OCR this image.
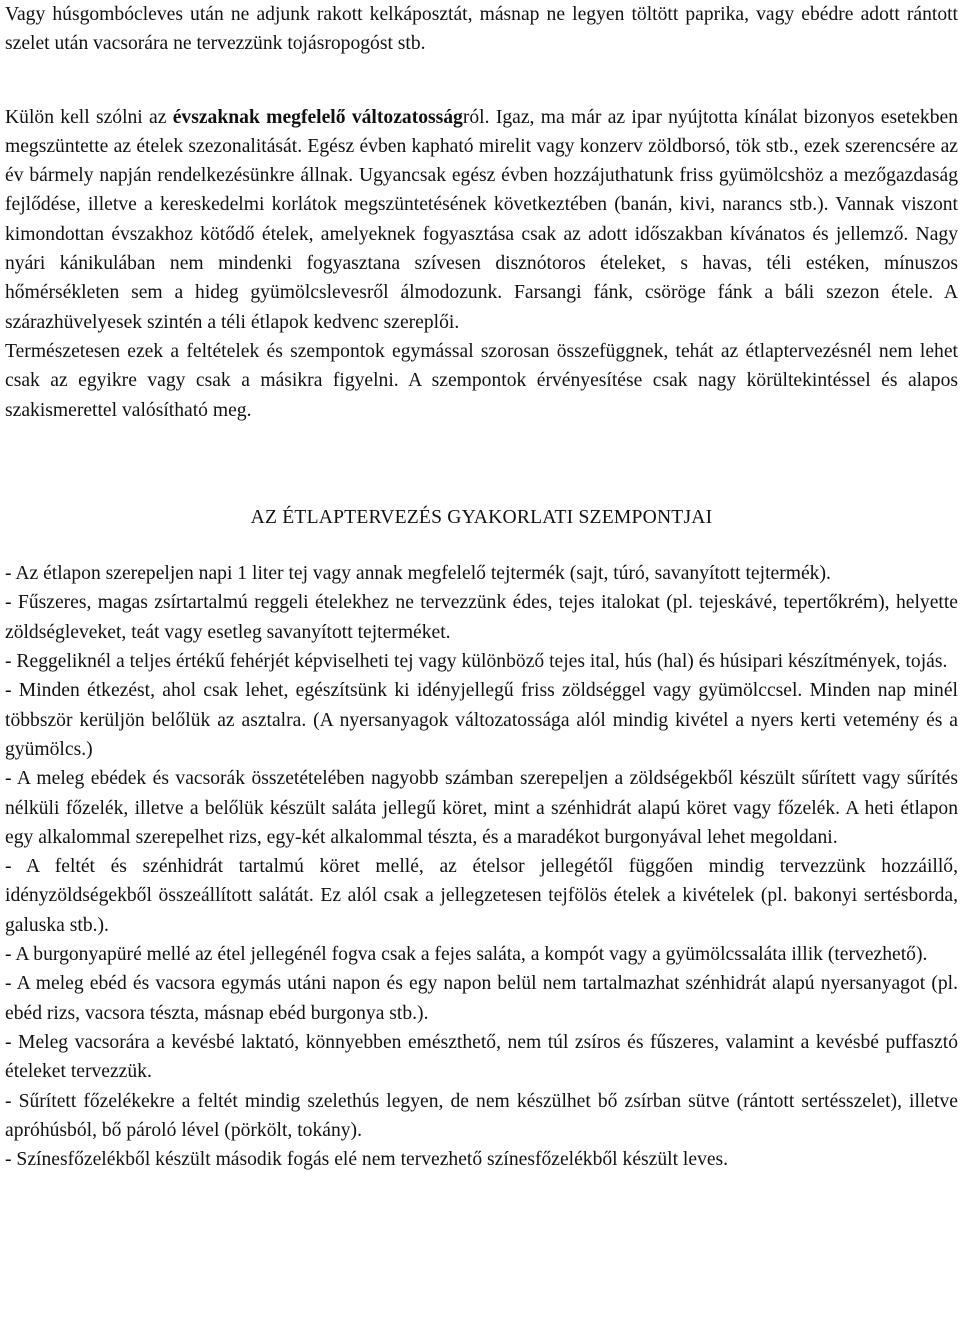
Vagy húsgombócleves után ne adjunk rakott kelkáposztát, másnap ne legyen töltött paprika, vagy ebédre adott rántott szelet után vacsorára ne tervezzünk tojásropogóst stb.

Külön kell szólni az évszaknak megfelelő változatosságról. Igaz, ma már az ipar nyújtotta kínálat bizonyos esetekben megszüntette az ételek szezonalitását. Egész évben kapható mirelit vagy konzerv zöldborsó, tök stb., ezek szerencsére az év bármely napján rendelkezésünkre állnak. Ugyancsak egész évben hozzájuthatunk friss gyümölcshöz a mezőgazdaság fejlődése, illetve a kereskedelmi korlátok megszüntetésének következtében (banán, kivi, narancs stb.). Vannak viszont kimondottan évszakhoz kötődő ételek, amelyeknek fogyasztása csak az adott időszakban kívánatos és jellemző. Nagy nyári kánikulában nem mindenki fogyasztana szívesen disznótoros ételeket, s havas, téli estéken, mínuszos hőmérsékleten sem a hideg gyümölcslevesről álmodozunk. Farsangi fánk, csöröge fánk a báli szezon étele. A szárazhüvelyesek szintén a téli étlapok kedvenc szereplői.

Természetesen ezek a feltételek és szempontok egymással szorosan összefüggnek, tehát az étlaptervezésnél nem lehet csak az egyikre vagy csak a másikra figyelni. A szempontok érvényesítése csak nagy körültekintéssel és alapos szakismerettel valósítható meg.

AZ ÉTLAPTERVEZÉS GYAKORLATI SZEMPONTJAI

- Az étlapon szerepeljen napi 1 liter tej vagy annak megfelelő tejtermék (sajt, túró, savanyított tejtermék).

- Fűszeres, magas zsírtartalmú reggeli ételekhez ne tervezzünk édes, tejes italokat (pl. tejeskávé, tepertőkrém), helyette zöldségleveket, teát vagy esetleg savanyított tejterméket.

- Reggeliknél a teljes értékű fehérjét képviselheti tej vagy különböző tejes ital, hús (hal) és húsipari készítmények, tojás.

- Minden étkezést, ahol csak lehet, egészítsünk ki idényjellegű friss zöldséggel vagy gyümölccsel. Minden nap minél többször kerüljön belőlük az asztalra. (A nyersanyagok változatossága alól mindig kivétel a nyers kerti vetemény és a gyümölcs.)

- A meleg ebédek és vacsorák összetételében nagyobb számban szerepeljen a zöldségekből készült sűrített vagy sűrítés nélküli főzelék, illetve a belőlük készült saláta jellegű köret, mint a szénhidrát alapú köret vagy főzelék. A heti étlapon egy alkalommal szerepelhet rizs, egy-két alkalommal tészta, és a maradékot burgonyával lehet megoldani.

- A feltét és szénhidrát tartalmú köret mellé, az ételsor jellegétől függően mindig tervezzünk hozzáillő, idényzöldségekből összeállított salátát. Ez alól csak a jellegzetesen tejfölös ételek a kivételek (pl. bakonyi sertésborda, galuska stb.).

- A burgonyapüré mellé az étel jellegénél fogva csak a fejes saláta, a kompót vagy a gyümölcssaláta illik (tervezhető).

- A meleg ebéd és vacsora egymás utáni napon és egy napon belül nem tartalmazhat szénhidrát alapú nyersanyagot (pl. ebéd rizs, vacsora tészta, másnap ebéd burgonya stb.).

- Meleg vacsorára a kevésbé laktató, könnyebben emészthető, nem túl zsíros és fűszeres, valamint a kevésbé puffasztó ételeket tervezzük.

- Sűrített főzelékekre a feltét mindig szelethús legyen, de nem készülhet bő zsírban sütve (rántott sertésszelet), illetve apróhúsból, bő pároló lével (pörkölt, tokány).

- Színesfőzelékből készült második fogás elé nem tervezhető színesfőzelékből készült leves.
